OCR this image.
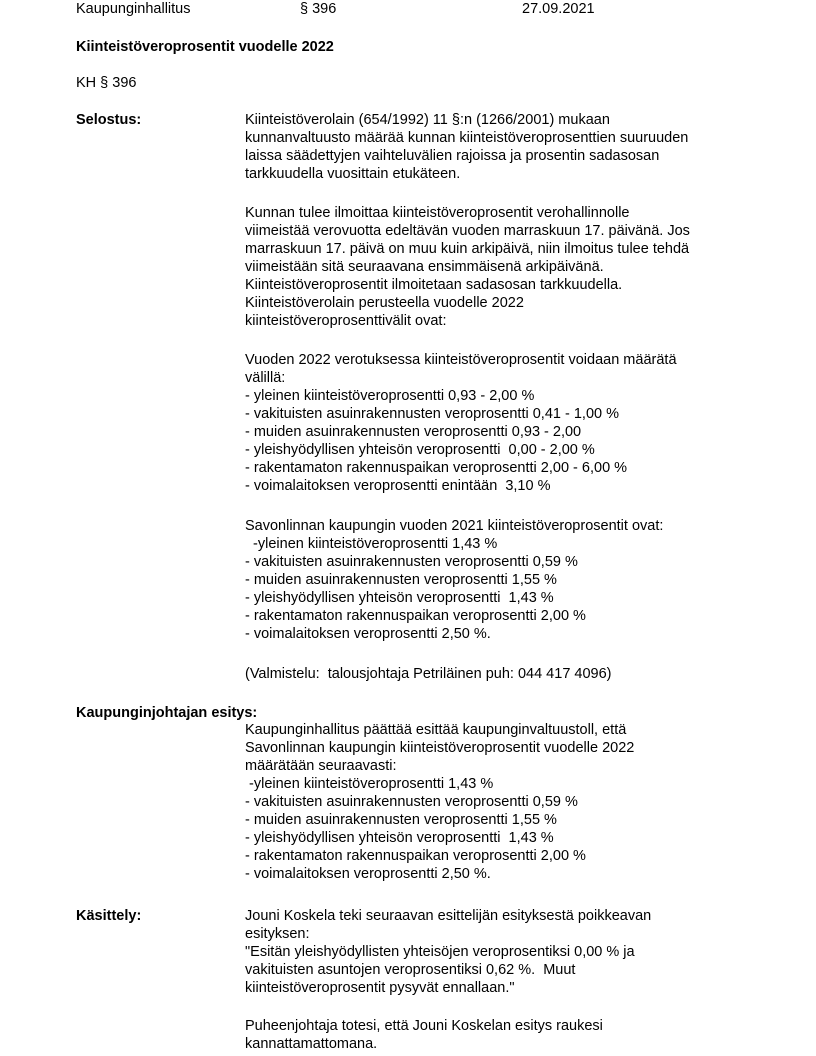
Kaupunginhallitus	§ 396	27.09.2021
Kiinteistöveroprosentit vuodelle 2022
KH § 396
Selostus:	Kiinteistöverolain (654/1992) 11 §:n (1266/2001) mukaan
kunnanvaltuusto määrää kunnan kiinteistöveroprosenttien suuruuden
laissa säädettyjen vaihteluvälien rajoissa ja prosentin sadasosan
tarkkuudella vuosittain etukäteen.
Kunnan tulee ilmoittaa kiinteistöveroprosentit verohallinnolle
viimeistää verovuotta edeltävän vuoden marraskuun 17. päivänä. Jos
marraskuun 17. päivä on muu kuin arkipäivä, niin ilmoitus tulee tehdä
viimeistään sitä seuraavana ensimmäisenä arkipäivänä.
Kiinteistöveroprosentit ilmoitetaan sadasosan tarkkuudella.
Kiinteistöverolain perusteella vuodelle 2022
kiinteistöveroprosenttivälit ovat:
Vuoden 2022 verotuksessa kiinteistöveroprosentit voidaan määrätä
välillä:
- yleinen kiinteistöveroprosentti 0,93 - 2,00 %
- vakituisten asuinrakennusten veroprosentti 0,41 - 1,00 %
- muiden asuinrakennusten veroprosentti 0,93 - 2,00
- yleishyödyllisen yhteisön veroprosentti  0,00 - 2,00 %
- rakentamaton rakennuspaikan veroprosentti 2,00 - 6,00 %
- voimalaitoksen veroprosentti enintään  3,10 %
Savonlinnan kaupungin vuoden 2021 kiinteistöveroprosentit ovat:
-yleinen kiinteistöveroprosentti 1,43 %
- vakituisten asuinrakennusten veroprosentti 0,59 %
- muiden asuinrakennusten veroprosentti 1,55 %
- yleishyödyllisen yhteisön veroprosentti  1,43 %
- rakentamaton rakennuspaikan veroprosentti 2,00 %
- voimalaitoksen veroprosentti 2,50 %.
(Valmistelu:  talousjohtaja Petriläinen puh: 044 417 4096)
Kaupunginjohtajan esitys:
Kaupunginhallitus päättää esittää kaupunginvaltuustoll, että
Savonlinnan kaupungin kiinteistöveroprosentit vuodelle 2022
määrätään seuraavasti:
-yleinen kiinteistöveroprosentti 1,43 %
- vakituisten asuinrakennusten veroprosentti 0,59 %
- muiden asuinrakennusten veroprosentti 1,55 %
- yleishyödyllisen yhteisön veroprosentti  1,43 %
- rakentamaton rakennuspaikan veroprosentti 2,00 %
- voimalaitoksen veroprosentti 2,50 %.
Käsittely:	Jouni Koskela teki seuraavan esittelijän esityksestä poikkeavan
esityksen:
"Esitän yleishyödyllisten yhteisöjen veroprosentiksi 0,00 % ja
vakituisten asuntojen veroprosentiksi 0,62 %.  Muut
kiinteistöveroprosentit pysyvät ennallaan."
Puheenjohtaja totesi, että Jouni Koskelan esitys raukesi
kannattamattomana.
